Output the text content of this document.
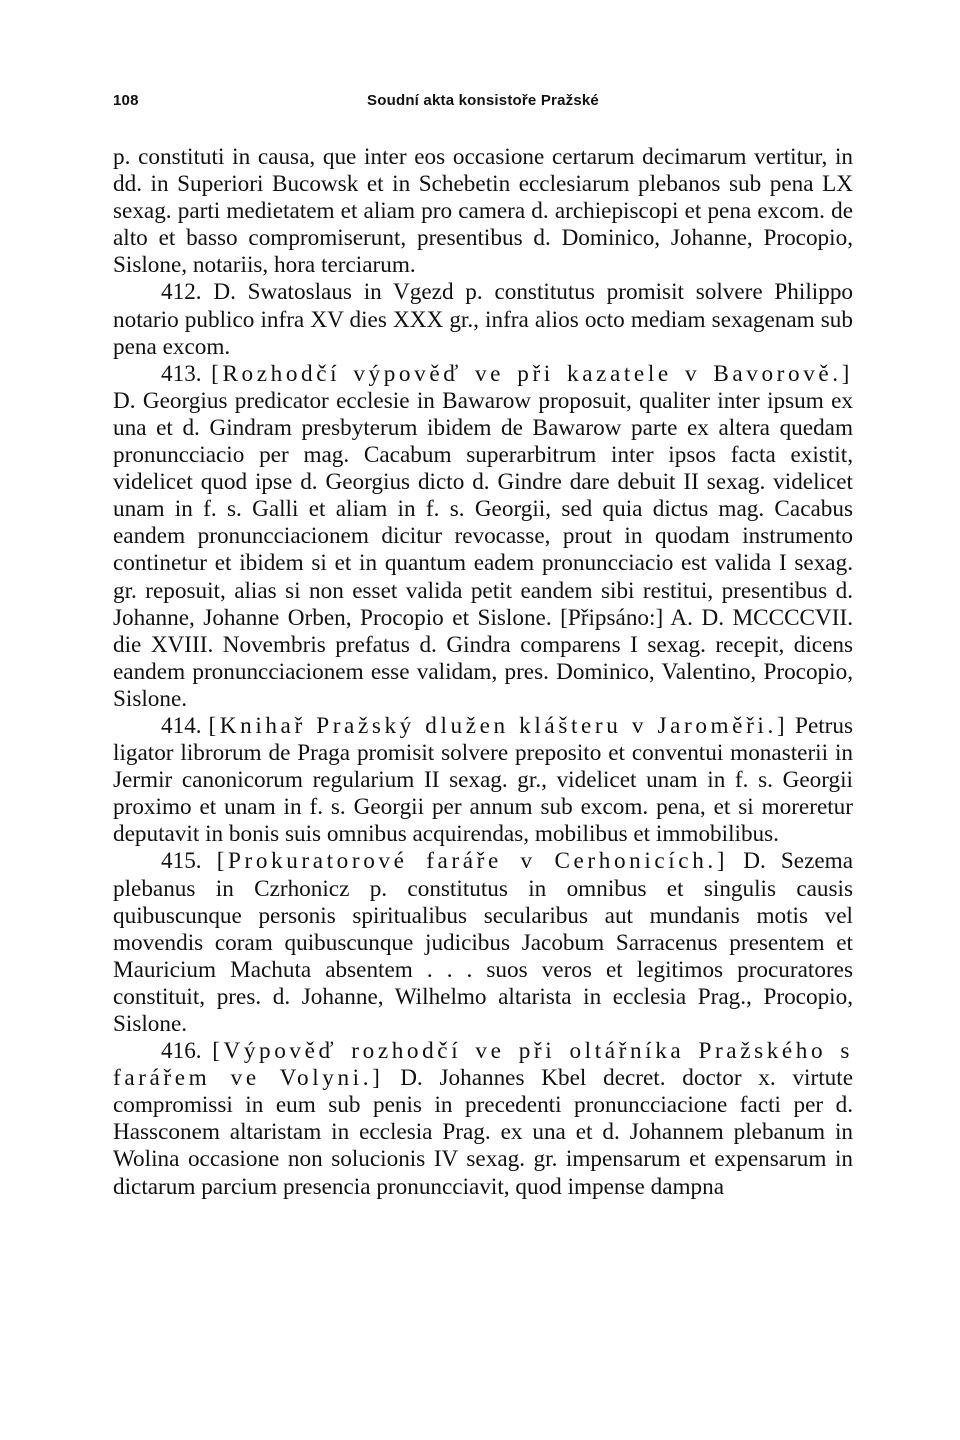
108	Soudní akta konsistoře Pražské

p. constituti in causa, que inter eos occasione certarum decimarum vertitur, in dd. in Superiori Bucowsk et in Schebetin ecclesiarum plebanos sub pena LX sexag. parti medietatem et aliam pro camera d. archiepiscopi et pena excom. de alto et basso compromiserunt, presentibus d. Dominico, Johanne, Procopio, Sislone, notariis, hora terciarum.

412. D. Swatoslaus in Vgezd p. constitutus promisit solvere Philippo notario publico infra XV dies XXX gr., infra alios octo mediam sexagenam sub pena excom.

413. [Rozhodčí výpověď ve při kazatele v Bavorově.] D. Georgius predicator ecclesie in Bawarow proposuit, qualiter inter ipsum ex una et d. Gindram presbyterum ibidem de Bawarow parte ex altera quedam pronuncciacio per mag. Cacabum superarbitrum inter ipsos facta existit, videlicet quod ipse d. Georgius dicto d. Gindre dare debuit II sexag. videlicet unam in f. s. Galli et aliam in f. s. Georgii, sed quia dictus mag. Cacabus eandem pronuncciacionem dicitur revocasse, prout in quodam instrumento continetur et ibidem si et in quantum eadem pronuncciacio est valida I sexag. gr. reposuit, alias si non esset valida petit eandem sibi restitui, presentibus d. Johanne, Johanne Orben, Procopio et Sislone. [Připsáno:] A. D. MCCCCVII. die XVIII. Novembris prefatus d. Gindra comparens I sexag. recepit, dicens eandem pronuncciacionem esse validam, pres. Dominico, Valentino, Procopio, Sislone.

414. [Knihař Pražský dlužen klášteru v Jaroměři.] Petrus ligator librorum de Praga promisit solvere preposito et conventui monasterii in Jermir canonicorum regularium II sexag. gr., videlicet unam in f. s. Georgii proximo et unam in f. s. Georgii per annum sub excom. pena, et si moreretur deputavit in bonis suis omnibus acquirendas, mobilibus et immobilibus.

415. [Prokuratorové faráře v Cerhonicích.] D. Sezema plebanus in Czrhonicz p. constitutus in omnibus et singulis causis quibuscunque personis spiritualibus secularibus aut mundanis motis vel movendis coram quibuscunque judicibus Jacobum Sarracenus presentem et Mauricium Machuta absentem . . . suos veros et legitimos procuratores constituit, pres. d. Johanne, Wilhelmo altarista in ecclesia Prag., Procopio, Sislone.

416. [Výpověď rozhodčí ve při oltářníka Pražského s farářem ve Volyni.] D. Johannes Kbel decret. doctor x. virtute compromissi in eum sub penis in precedenti pronuncciacione facti per d. Hassconem altaristam in ecclesia Prag. ex una et d. Johannem plebanum in Wolina occasione non solucionis IV sexag. gr. impensarum et expensarum in dictarum parcium presencia pronuncciavit, quod impense dampna
